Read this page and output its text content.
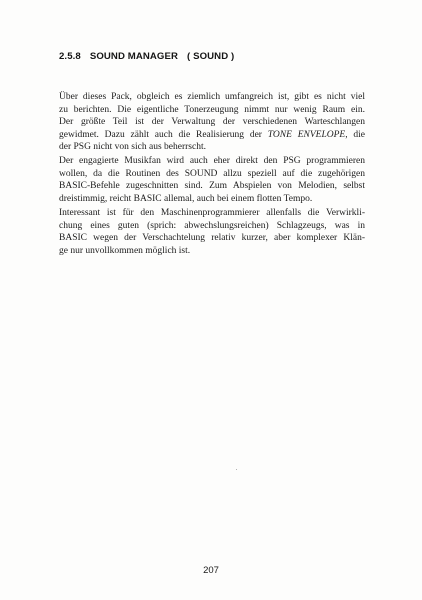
2.5.8 SOUND MANAGER ( SOUND )
Über dieses Pack, obgleich es ziemlich umfangreich ist, gibt es nicht viel
zu berichten. Die eigentliche Tonerzeugung nimmt nur wenig Raum ein.
Der größte Teil ist der Verwaltung der verschiedenen Warteschlangen
gewidmet. Dazu zählt auch die Realisierung der TONE ENVELOPE, die
der PSG nicht von sich aus beherrscht.
Der engagierte Musikfan wird auch eher direkt den PSG programmieren
wollen, da die Routinen des SOUND allzu speziell auf die zugehörigen
BASIC-Befehle zugeschnitten sind. Zum Abspielen von Melodien, selbst
dreistimmig, reicht BASIC allemal, auch bei einem flotten Tempo.
Interessant ist für den Maschinenprogrammierer allenfalls die Verwirkli-
chung eines guten (sprich: abwechslungsreichen) Schlagzeugs, was in
BASIC wegen der Verschachtelung relativ kurzer, aber komplexer Klän-
ge nur unvollkommen möglich ist.
207
